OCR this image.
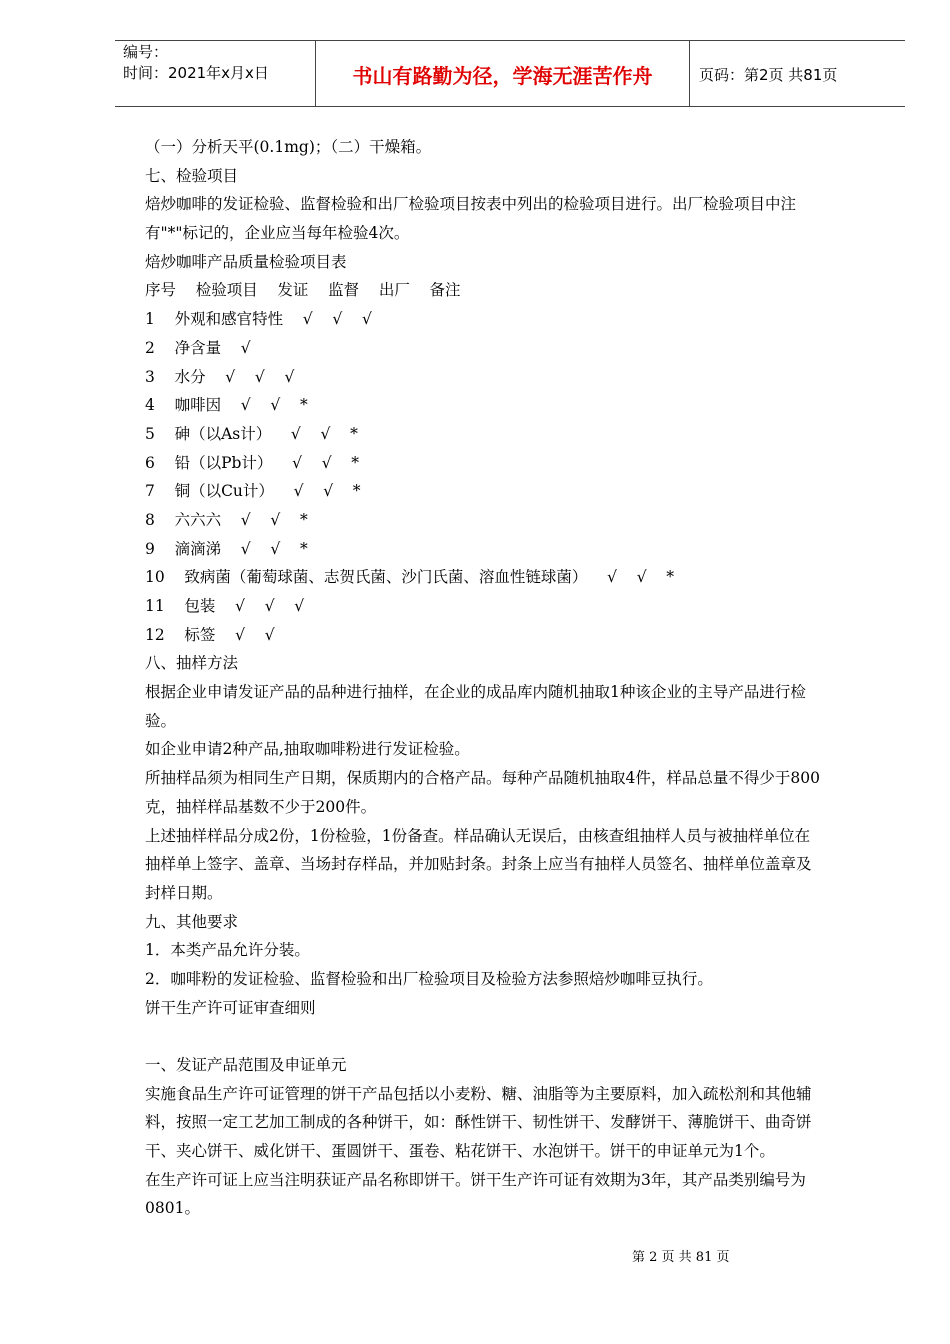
编号：
时间：2021年x月x日	书山有路勤为径，学海无涯苦作舟	页码：第2页 共81页
（一）分析天平(0.1mg)；（二）干燥箱。
七、检验项目
焙炒咖啡的发证检验、监督检验和出厂检验项目按表中列出的检验项目进行。出厂检验项目中注
有"*"标记的，企业应当每年检验4次。
焙炒咖啡产品质量检验项目表
序号    检验项目    发证    监督    出厂    备注
1    外观和感官特性    √    √    √
2    净含量    √
3    水分    √    √    √
4    咖啡因    √    √    *
5    砷（以As计）    √    √    *
6    铅（以Pb计）    √    √    *
7    铜（以Cu计）    √    √    *
8    六六六    √    √    *
9    滴滴涕    √    √    *
10    致病菌（葡萄球菌、志贺氏菌、沙门氏菌、溶血性链球菌）    √    √    *
11    包装    √    √    √
12    标签    √    √
八、抽样方法
根据企业申请发证产品的品种进行抽样，在企业的成品库内随机抽取1种该企业的主导产品进行检
验。
如企业申请2种产品,抽取咖啡粉进行发证检验。
所抽样品须为相同生产日期，保质期内的合格产品。每种产品随机抽取4件，样品总量不得少于800
克，抽样样品基数不少于200件。
上述抽样样品分成2份，1份检验，1份备查。样品确认无误后，由核查组抽样人员与被抽样单位在
抽样单上签字、盖章、当场封存样品，并加贴封条。封条上应当有抽样人员签名、抽样单位盖章及
封样日期。
九、其他要求
1．本类产品允许分装。
2．咖啡粉的发证检验、监督检验和出厂检验项目及检验方法参照焙炒咖啡豆执行。
饼干生产许可证审查细则
一、发证产品范围及申证单元
实施食品生产许可证管理的饼干产品包括以小麦粉、糖、油脂等为主要原料，加入疏松剂和其他辅
料，按照一定工艺加工制成的各种饼干，如：酥性饼干、韧性饼干、发酵饼干、薄脆饼干、曲奇饼
干、夹心饼干、威化饼干、蛋圆饼干、蛋卷、粘花饼干、水泡饼干。饼干的申证单元为1个。
在生产许可证上应当注明获证产品名称即饼干。饼干生产许可证有效期为3年，其产品类别编号为
0801。
第 2 页 共 81 页
